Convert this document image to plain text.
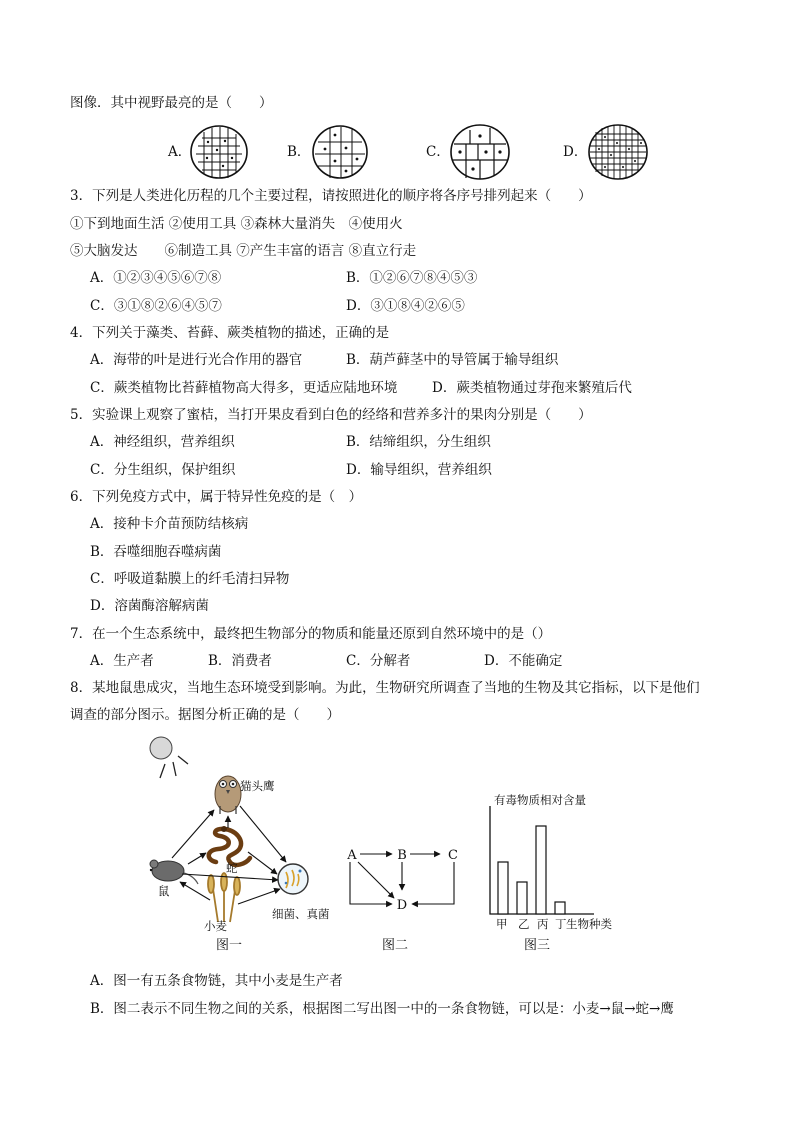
图像．其中视野最亮的是（　　）
A．	B．	C．	D．
3．下列是人类进化历程的几个主要过程，请按照进化的顺序将各序号排列起来（　　）
①下到地面生活 ②使用工具 ③森林大量消失　④使用火
⑤大脑发达　　⑥制造工具 ⑦产生丰富的语言 ⑧直立行走
A．①②③④⑤⑥⑦⑧	B．①②⑥⑦⑧④⑤③
C．③①⑧②⑥④⑤⑦	D．③①⑧④②⑥⑤
4．下列关于藻类、苔藓、蕨类植物的描述，正确的是
A．海带的叶是进行光合作用的器官	B．葫芦藓茎中的导管属于输导组织
C．蕨类植物比苔藓植物高大得多，更适应陆地环境	D．蕨类植物通过芽孢来繁殖后代
5．实验课上观察了蜜桔，当打开果皮看到白色的经络和营养多汁的果肉分别是（　　）
A．神经组织，营养组织	B．结缔组织，分生组织
C．分生组织，保护组织	D．输导组织，营养组织
6．下列免疫方式中，属于特异性免疫的是（　）
A．接种卡介苗预防结核病
B．吞噬细胞吞噬病菌
C．呼吸道黏膜上的纤毛清扫异物
D．溶菌酶溶解病菌
7．在一个生态系统中，最终把生物部分的物质和能量还原到自然环境中的是（）
A．生产者	B．消费者	C．分解者	D．不能确定
8．某地鼠患成灾，当地生态环境受到影响。为此，生物研究所调查了当地的生物及其它指标，以下是他们
调查的部分图示。据图分析正确的是（　　）
猫头鹰
蛇
鼠
小麦
细菌、真菌
图一
A	B	C
D
图二
有毒物质相对含量
甲 乙 丙 丁 生物种类
图三
A．图一有五条食物链，其中小麦是生产者
B．图二表示不同生物之间的关系，根据图二写出图一中的一条食物链，可以是：小麦→鼠→蛇→鹰
